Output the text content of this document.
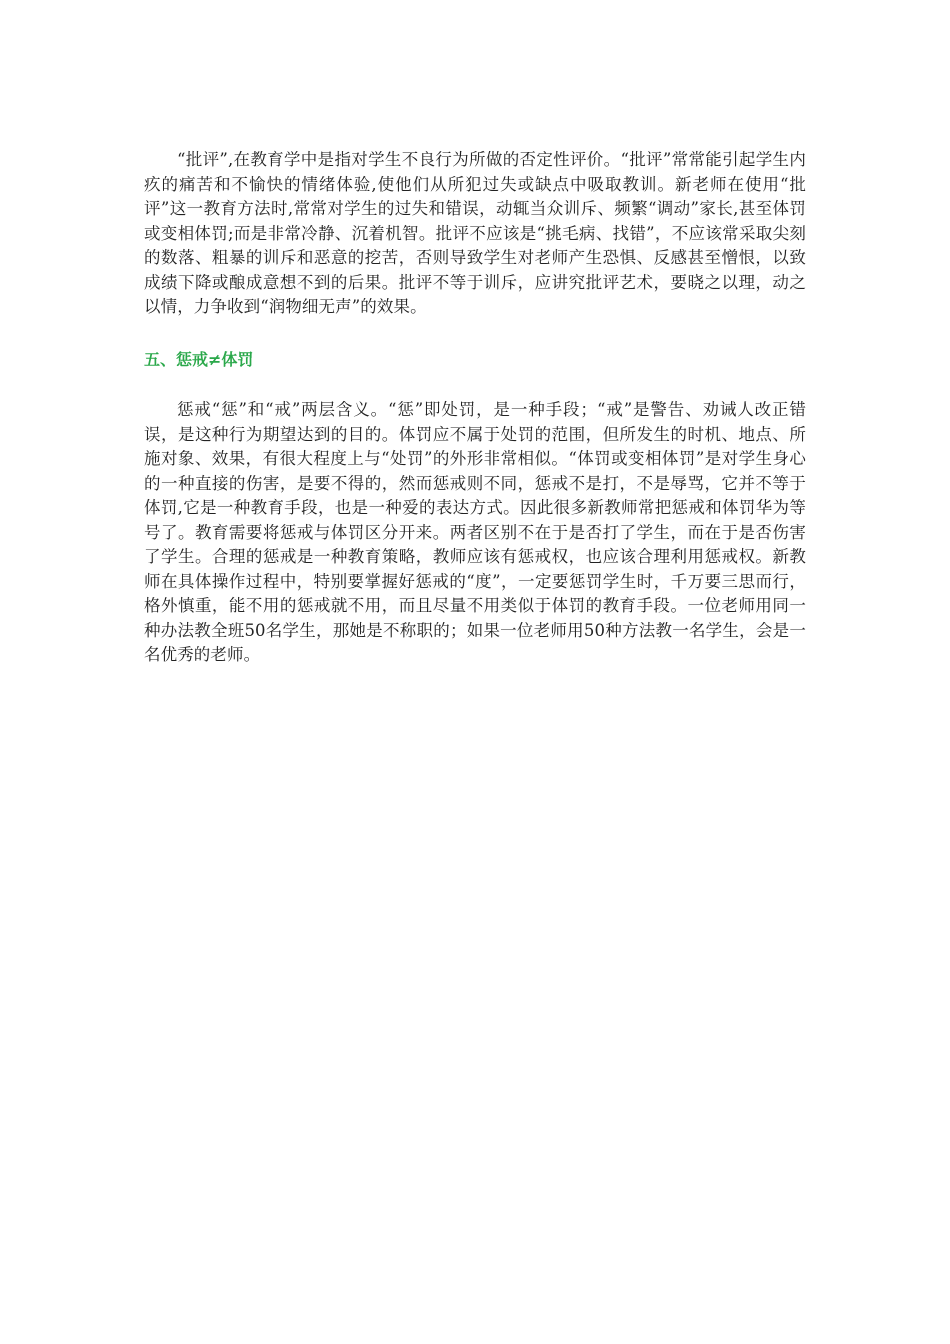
“批评”,在教育学中是指对学生不良行为所做的否定性评价。“批评”常常能引起学生内疚的痛苦和不愉快的情绪体验,使他们从所犯过失或缺点中吸取教训。新老师在使用“批评”这一教育方法时,常常对学生的过失和错误，动辄当众训斥、频繁“调动”家长,甚至体罚或变相体罚;而是非常冷静、沉着机智。批评不应该是“挑毛病、找错”，不应该常采取尖刻的数落、粗暴的训斥和恶意的挖苦，否则导致学生对老师产生恐惧、反感甚至憎恨，以致成绩下降或酿成意想不到的后果。批评不等于训斥，应讲究批评艺术，要晓之以理，动之以情，力争收到“润物细无声”的效果。

五、惩戒≠体罚

惩戒“惩”和“戒”两层含义。“惩”即处罚，是一种手段；“戒”是警告、劝诫人改正错误，是这种行为期望达到的目的。体罚应不属于处罚的范围，但所发生的时机、地点、所施对象、效果，有很大程度上与“处罚”的外形非常相似。“体罚或变相体罚”是对学生身心的一种直接的伤害，是要不得的，然而惩戒则不同，惩戒不是打，不是辱骂，它并不等于体罚,它是一种教育手段，也是一种爱的表达方式。因此很多新教师常把惩戒和体罚华为等号了。教育需要将惩戒与体罚区分开来。两者区别不在于是否打了学生，而在于是否伤害了学生。合理的惩戒是一种教育策略，教师应该有惩戒权，也应该合理利用惩戒权。新教师在具体操作过程中，特别要掌握好惩戒的“度”，一定要惩罚学生时，千万要三思而行，格外慎重，能不用的惩戒就不用，而且尽量不用类似于体罚的教育手段。一位老师用同一种办法教全班50名学生，那她是不称职的；如果一位老师用50种方法教一名学生，会是一名优秀的老师。
